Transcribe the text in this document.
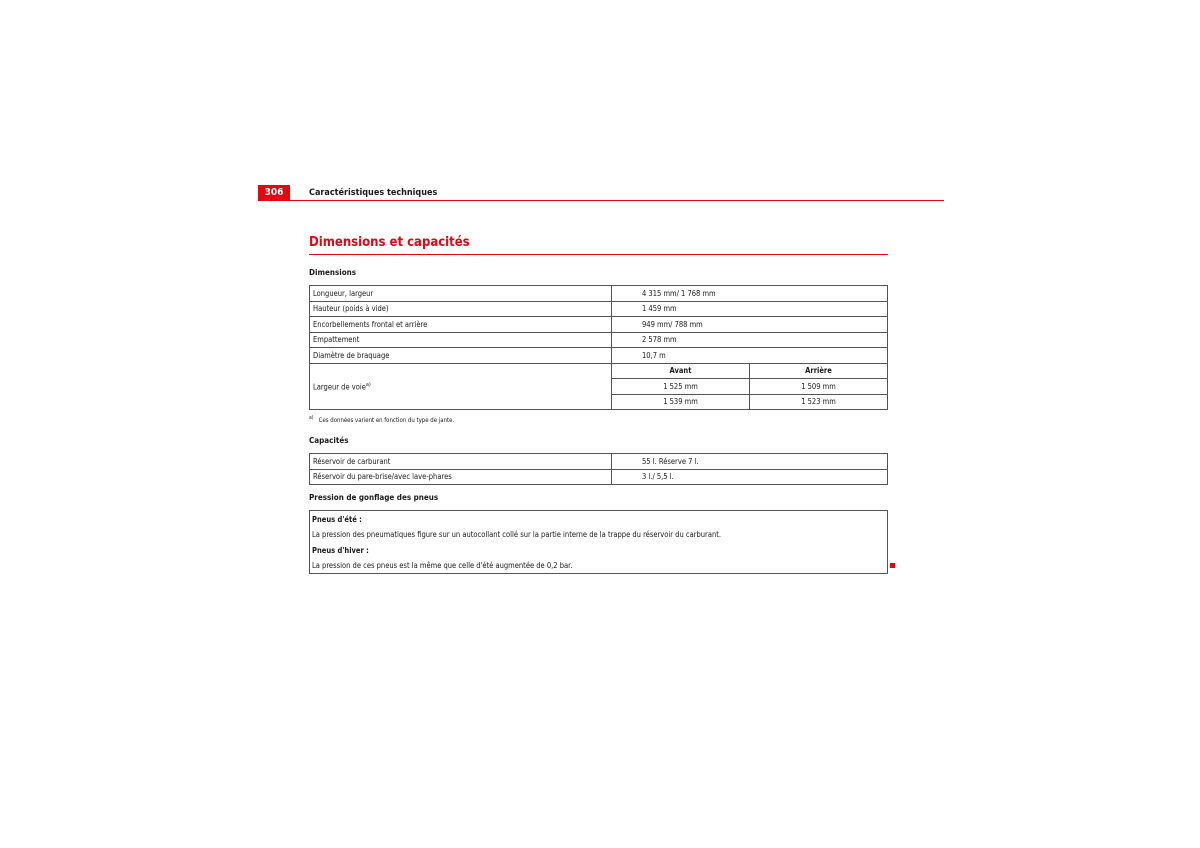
306	Caractéristiques techniques
Dimensions et capacités
Dimensions
Longueur, largeur	4 315 mm/ 1 768 mm
Hauteur (poids à vide)	1 459 mm
Encorbellements frontal et arrière	949 mm/ 788 mm
Empattement	2 578 mm
Diamètre de braquage	10,7 m
Largeur de voie$^{a)}$	
Avant	Arrière
1 525 mm	1 509 mm
1 539 mm	1 523 mm
$^{a)}$ Ces données varient en fonction du type de jante.
Capacités
Réservoir de carburant	55 l. Réserve 7 l.
Réservoir du pare-brise/avec lave-phares	3 l./ 5,5 l.
Pression de gonflage des pneus
Pneus d'été :
La pression des pneumatiques figure sur un autocollant collé sur la partie interne de la trappe du réservoir du carburant.
Pneus d'hiver :
La pression de ces pneus est la même que celle d'été augmentée de 0,2 bar.
